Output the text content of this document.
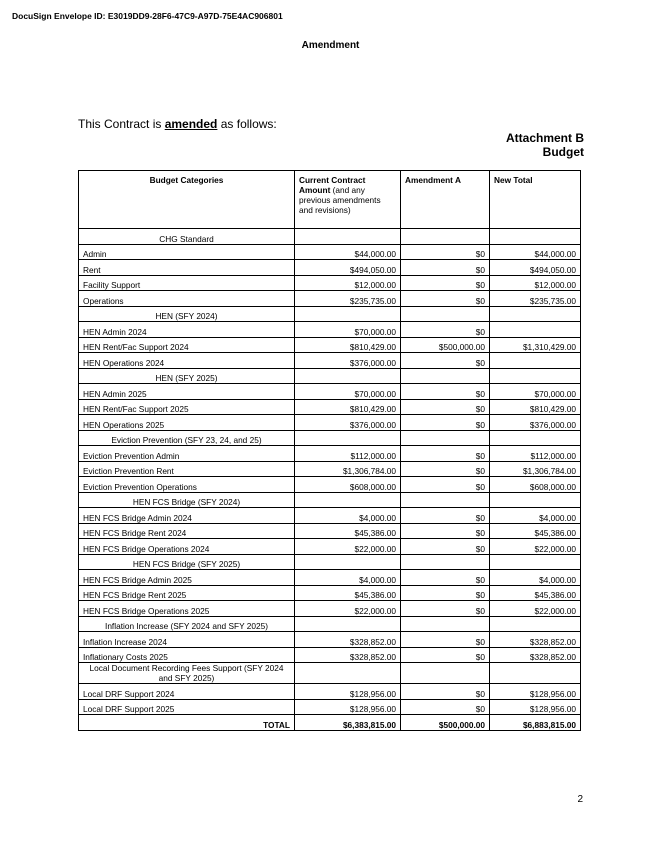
DocuSign Envelope ID: E3019DD9-28F6-47C9-A97D-75E4AC906801
Amendment
This Contract is amended as follows:
Attachment B
Budget
Budget Categories	Current Contract Amount (and any previous amendments and revisions)	Amendment A	New Total
CHG Standard			
Admin	$44,000.00	$0	$44,000.00
Rent	$494,050.00	$0	$494,050.00
Facility Support	$12,000.00	$0	$12,000.00
Operations	$235,735.00	$0	$235,735.00
HEN (SFY 2024)			
HEN Admin 2024	$70,000.00	$0	
HEN Rent/Fac Support 2024	$810,429.00	$500,000.00	$1,310,429.00
HEN Operations 2024	$376,000.00	$0	
HEN (SFY 2025)			
HEN Admin 2025	$70,000.00	$0	$70,000.00
HEN Rent/Fac Support 2025	$810,429.00	$0	$810,429.00
HEN Operations 2025	$376,000.00	$0	$376,000.00
Eviction Prevention (SFY 23, 24, and 25)			
Eviction Prevention Admin	$112,000.00	$0	$112,000.00
Eviction Prevention Rent	$1,306,784.00	$0	$1,306,784.00
Eviction Prevention Operations	$608,000.00	$0	$608,000.00
HEN FCS Bridge (SFY 2024)			
HEN FCS Bridge Admin 2024	$4,000.00	$0	$4,000.00
HEN FCS Bridge Rent 2024	$45,386.00	$0	$45,386.00
HEN FCS Bridge Operations 2024	$22,000.00	$0	$22,000.00
HEN FCS Bridge (SFY 2025)			
HEN FCS Bridge Admin 2025	$4,000.00	$0	$4,000.00
HEN FCS Bridge Rent 2025	$45,386.00	$0	$45,386.00
HEN FCS Bridge Operations 2025	$22,000.00	$0	$22,000.00
Inflation Increase (SFY 2024 and SFY 2025)			
Inflation Increase 2024	$328,852.00	$0	$328,852.00
Inflationary Costs 2025	$328,852.00	$0	$328,852.00
Local Document Recording Fees Support (SFY 2024 and SFY 2025)			
Local DRF Support 2024	$128,956.00	$0	$128,956.00
Local DRF Support 2025	$128,956.00	$0	$128,956.00
TOTAL	$6,383,815.00	$500,000.00	$6,883,815.00
2
